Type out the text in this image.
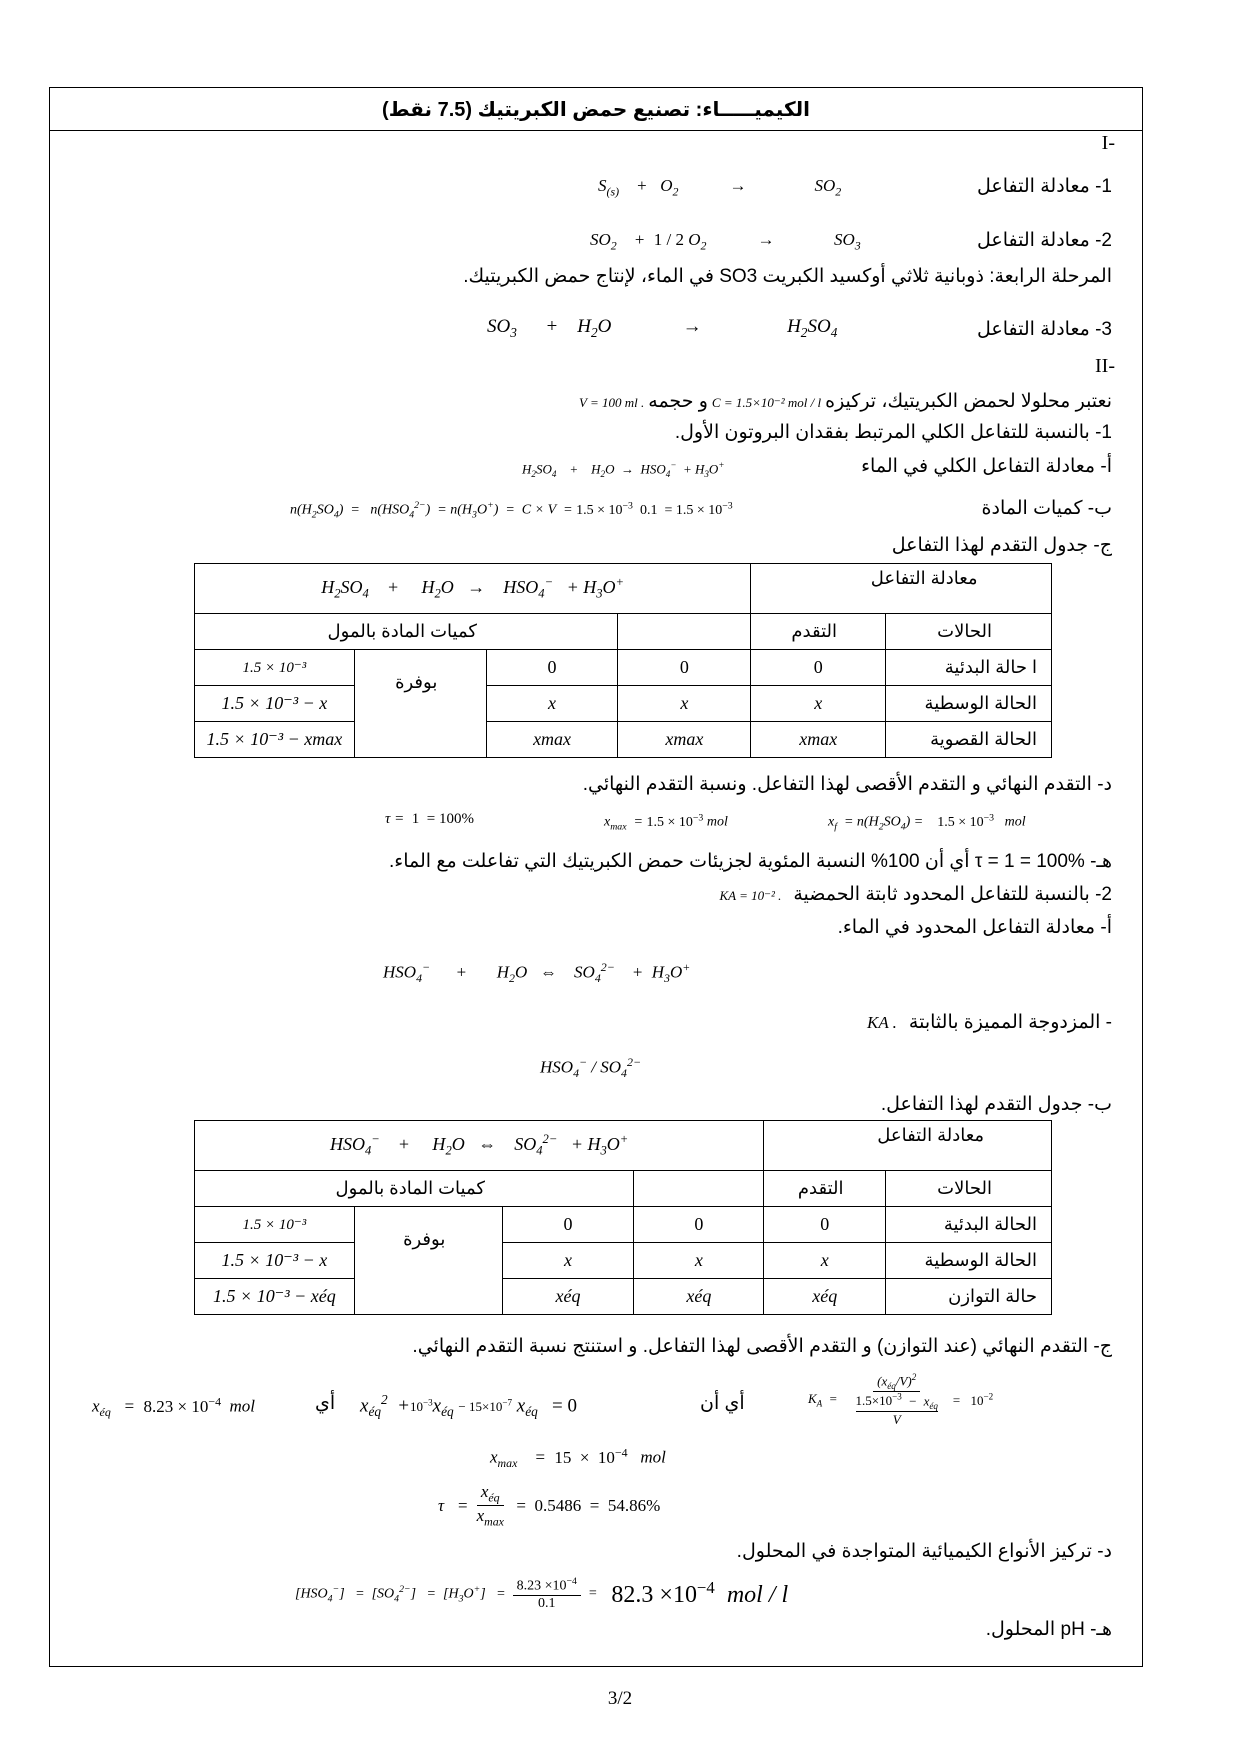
الكيميـــــاء: تصنيع حمض الكبريتيك (7.5 نقط)
-I
1- معادلة التفاعل
$S_{(s)}$    +   $O_2$            →                $SO_2$
2- معادلة التفاعل
$SO_2$    +  1 / 2 $O_2$            →              $SO_3$
المرحلة الرابعة: ذوبانية ثلاثي أوكسيد الكبريت SO3 في الماء، لإنتاج حمض الكبريتيك.
3- معادلة التفاعل
$SO_3$      +    $H_2O$               →                  $H_2SO_4$
-II
نعتبر محلولا لحمض الكبريتيك، تركيزه C = 1.5×10⁻² mol / l و حجمه V = 100 ml .
1- بالنسبة للتفاعل الكلي المرتبط بفقدان البروتون الأول.
أ- معادلة التفاعل الكلي في الماء
$H_2SO_4$    +    $H_2O \to HSO_4^- + H_3O^+$
ب- كميات المادة
$n(H_2SO_4) = n(HSO_4^{2-}) = n(H_3O^+) = C \times V = 1.5 \times 10^{-3}$  $0.1 = 1.5 \times 10^{-3}$
ج- جدول التقدم لهذا التفاعل
$H_2SO_4$    +     $H_2O$   →    $HSO_4^- + H_3O^+$				معادلة التفاعل	
كميات المادة بالمول				التقدم	الحالات
1.5 × 10⁻³	بوفرة	0	0	0	ا حالة البدئية
1.5 × 10⁻³ − x		x	x	x	الحالة الوسطية
1.5 × 10⁻³ − xmax		xmax	xmax	xmax	الحالة القصوية
د- التقدم النهائي و التقدم الأقصى لهذا التفاعل. ونسبة التقدم النهائي.
$x_f = n(H_2SO_4)$ =    $1.5 \times 10^{-3}$   mol
$x_{max} = 1.5 \times 10^{-3}$ mol
τ =  1  = 100%
هـ- τ = 1 = 100% أي أن 100% النسبة المئوية لجزيئات حمض الكبريتيك التي تفاعلت مع الماء.
2- بالنسبة للتفاعل المحدود ثابتة الحمضية   KA = 10⁻² .
أ- معادلة التفاعل المحدود في الماء.
$HSO_4^-$      +       $H_2O$   ⇔    $SO_4^{2-}$    +  $H_3O^+$
- المزدوجة المميزة بالثابتة   KA .
$HSO_4^- / SO_4^{2-}$
ب- جدول التقدم لهذا التفاعل.
$HSO_4^-$    +     $H_2O$   ⇔    $SO_4^{2-} + H_3O^+$				معادلة التفاعل	
كميات المادة بالمول				التقدم	الحالات
1.5 × 10⁻³	بوفرة	0	0	0	الحالة البدئية
1.5 × 10⁻³ − x		x	x	x	الحالة الوسطية
1.5 × 10⁻³ − xéq		xéq	xéq	xéq	حالة التوازن
ج- التقدم النهائي (عند التوازن) و التقدم الأقصى لهذا التفاعل. و استنتج نسبة التقدم النهائي.
$K_A$  =
$(x_{éq}/V)^2$
$1.5\times 10^{-3} - x_{éq}$

V
=   $10^{-2}$
أي أن
$x_{éq}^2 +10^{-3}x_{éq} - 15\times 10^{-7}$ $x_{éq} = 0$
أي
$x_{éq} = 8.23 \times 10^{-4}$  mol
$x_{max}$    =  $15 \times 10^{-4}$   mol
$\tau = \frac{x_{éq}}{x_{max}} = 0.5486 = 54.86\%$
د- تركيز الأنواع الكيميائية المتواجدة في المحلول.
$[HSO_4^-] = [SO_4^{2-}] = [H_3O^+] = \frac{8.23 \times 10^{-4}}{0.1} = 82.3 \times 10^{-4}$  mol / l
هـ- pH المحلول.
3/2
